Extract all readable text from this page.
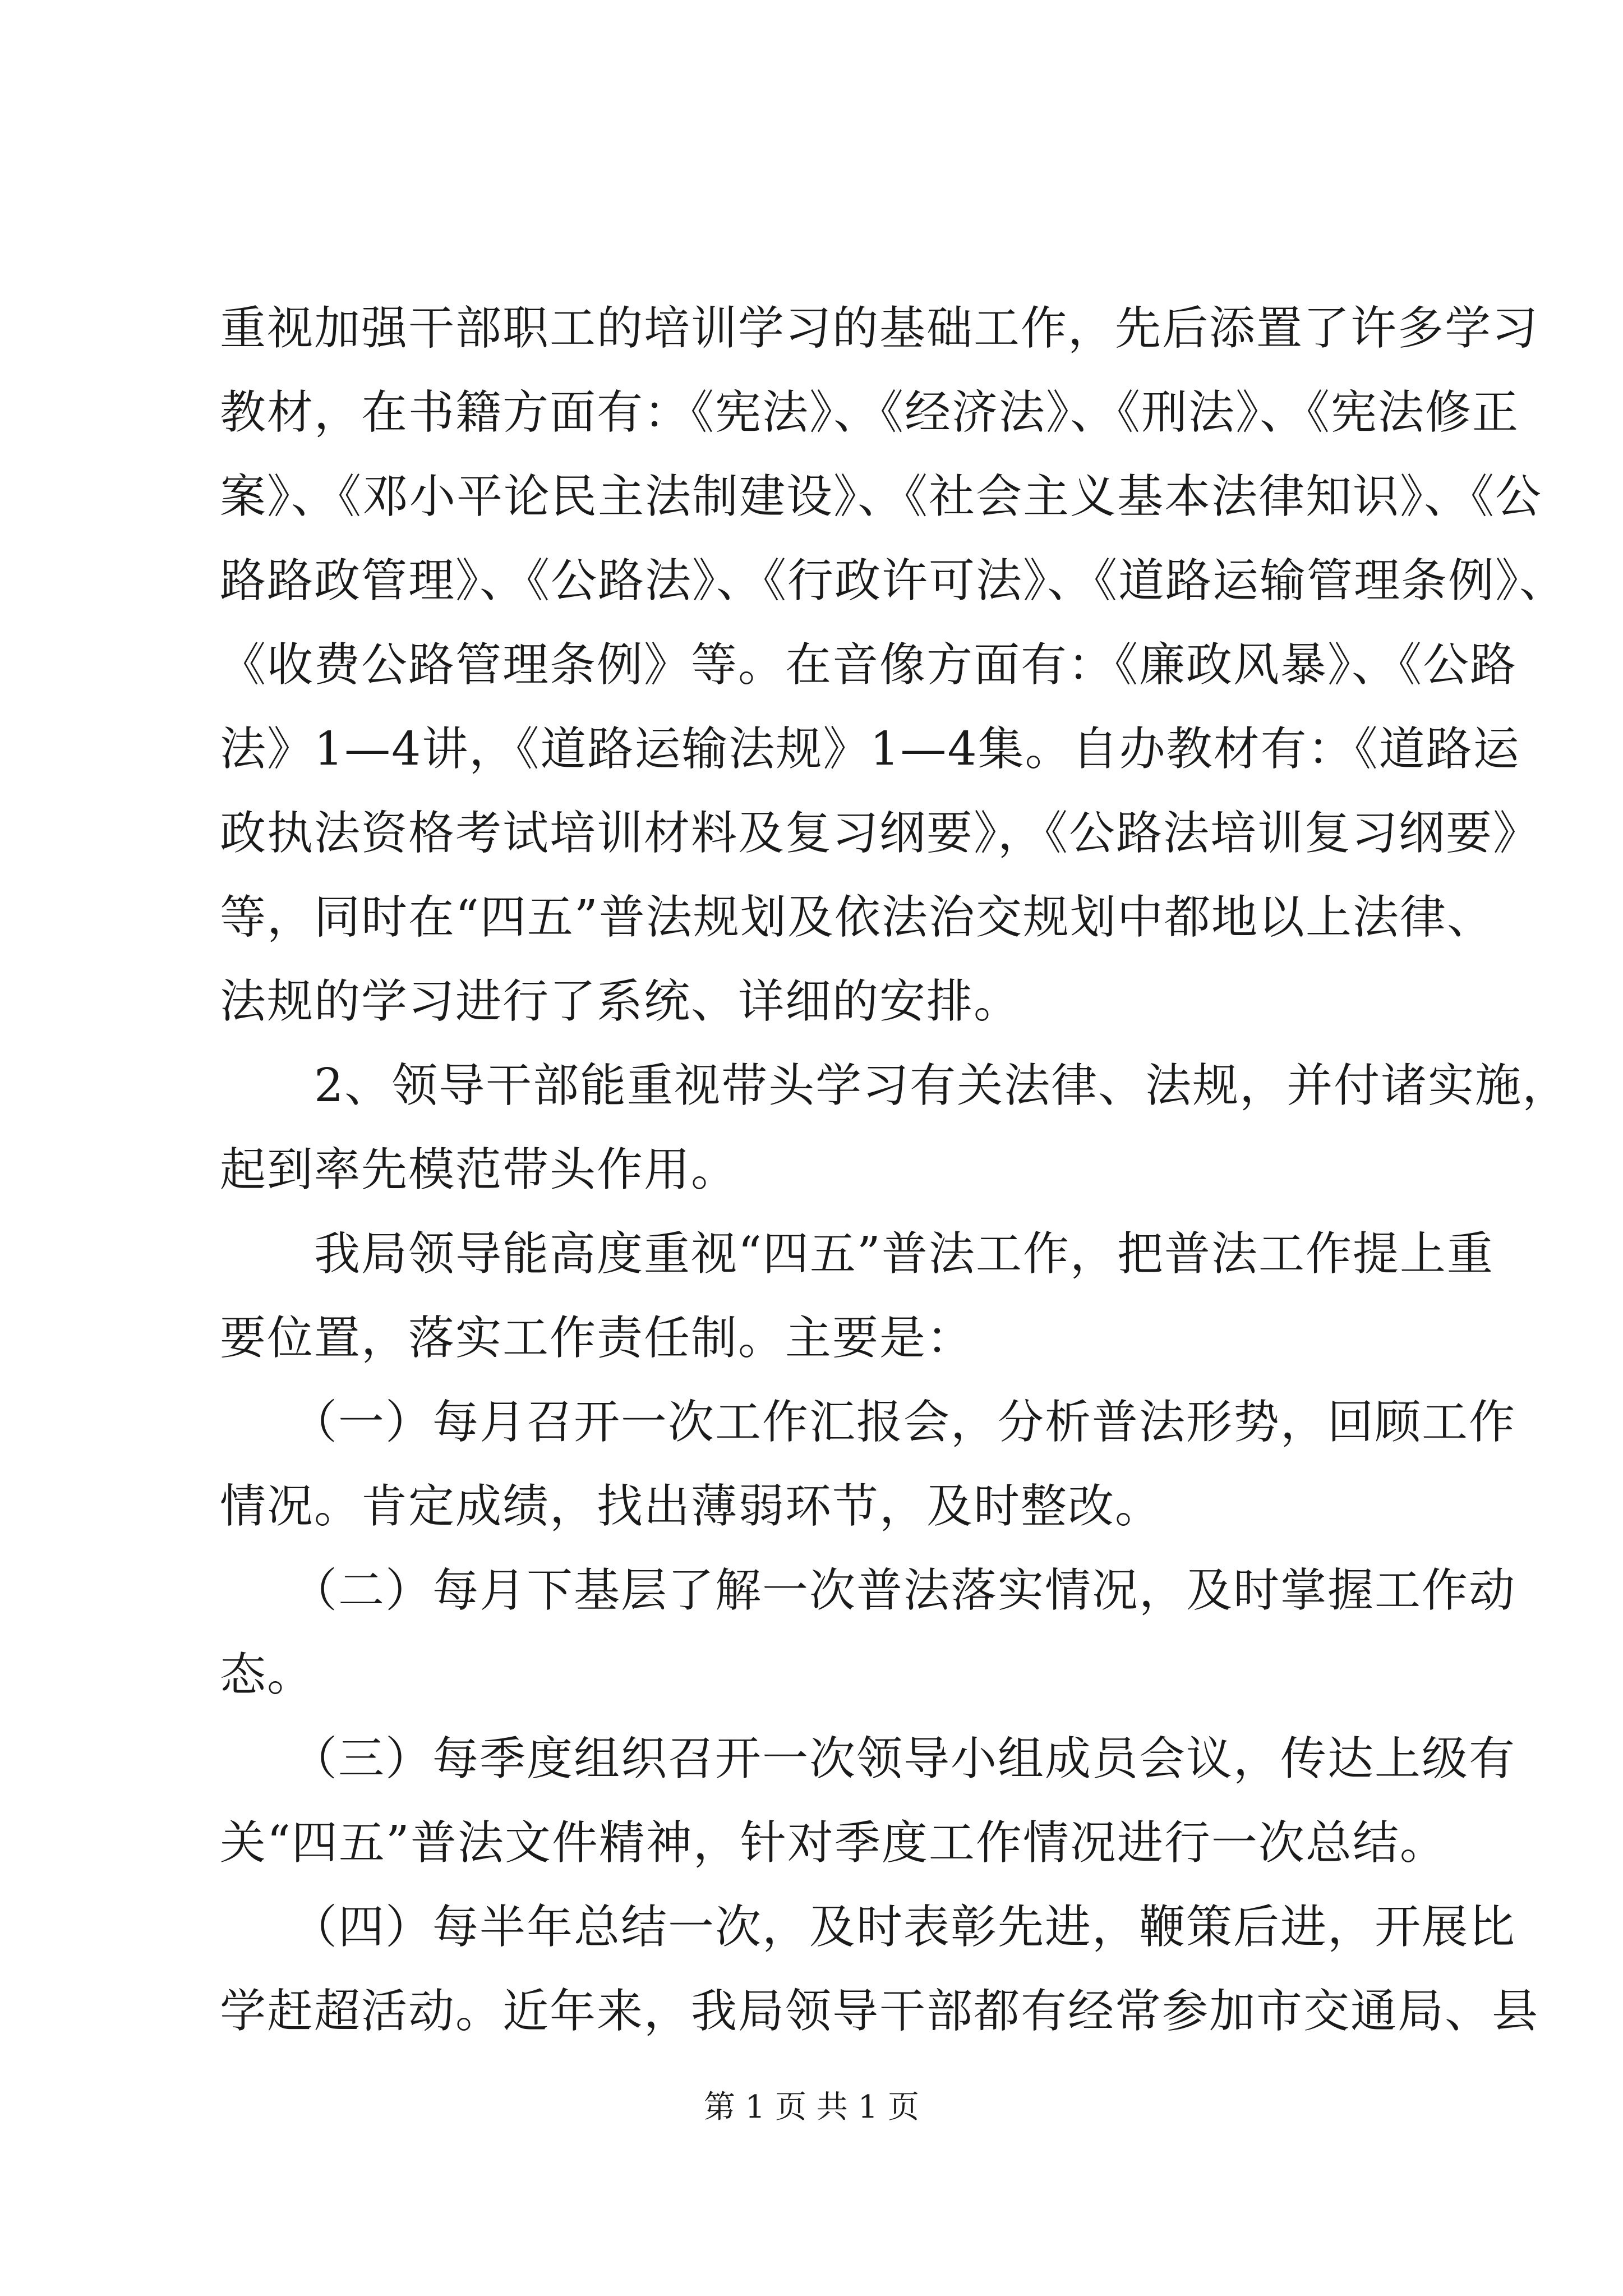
重视加强干部职工的培训学习的基础工作，先后添置了许多学习
教材，在书籍方面有：《宪法》、《经济法》、《刑法》、《宪法修正
案》、《邓小平论民主法制建设》、《社会主义基本法律知识》、《公
路路政管理》、《公路法》、《行政许可法》、《道路运输管理条例》、
《收费公路管理条例》等。在音像方面有：《廉政风暴》、《公路
法》1—4讲，《道路运输法规》1—4集。自办教材有：《道路运
政执法资格考试培训材料及复习纲要》，《公路法培训复习纲要》
等，同时在“四五”普法规划及依法治交规划中都地以上法律、
法规的学习进行了系统、详细的安排。
　　2、领导干部能重视带头学习有关法律、法规，并付诸实施，
起到率先模范带头作用。
　　我局领导能高度重视“四五”普法工作，把普法工作提上重
要位置，落实工作责任制。主要是：
　　（一）每月召开一次工作汇报会，分析普法形势，回顾工作
情况。肯定成绩，找出薄弱环节，及时整改。
　　（二）每月下基层了解一次普法落实情况，及时掌握工作动
态。
　　（三）每季度组织召开一次领导小组成员会议，传达上级有
关“四五”普法文件精神，针对季度工作情况进行一次总结。
　　（四）每半年总结一次，及时表彰先进，鞭策后进，开展比
学赶超活动。近年来，我局领导干部都有经常参加市交通局、县
第 1 页 共 1 页
